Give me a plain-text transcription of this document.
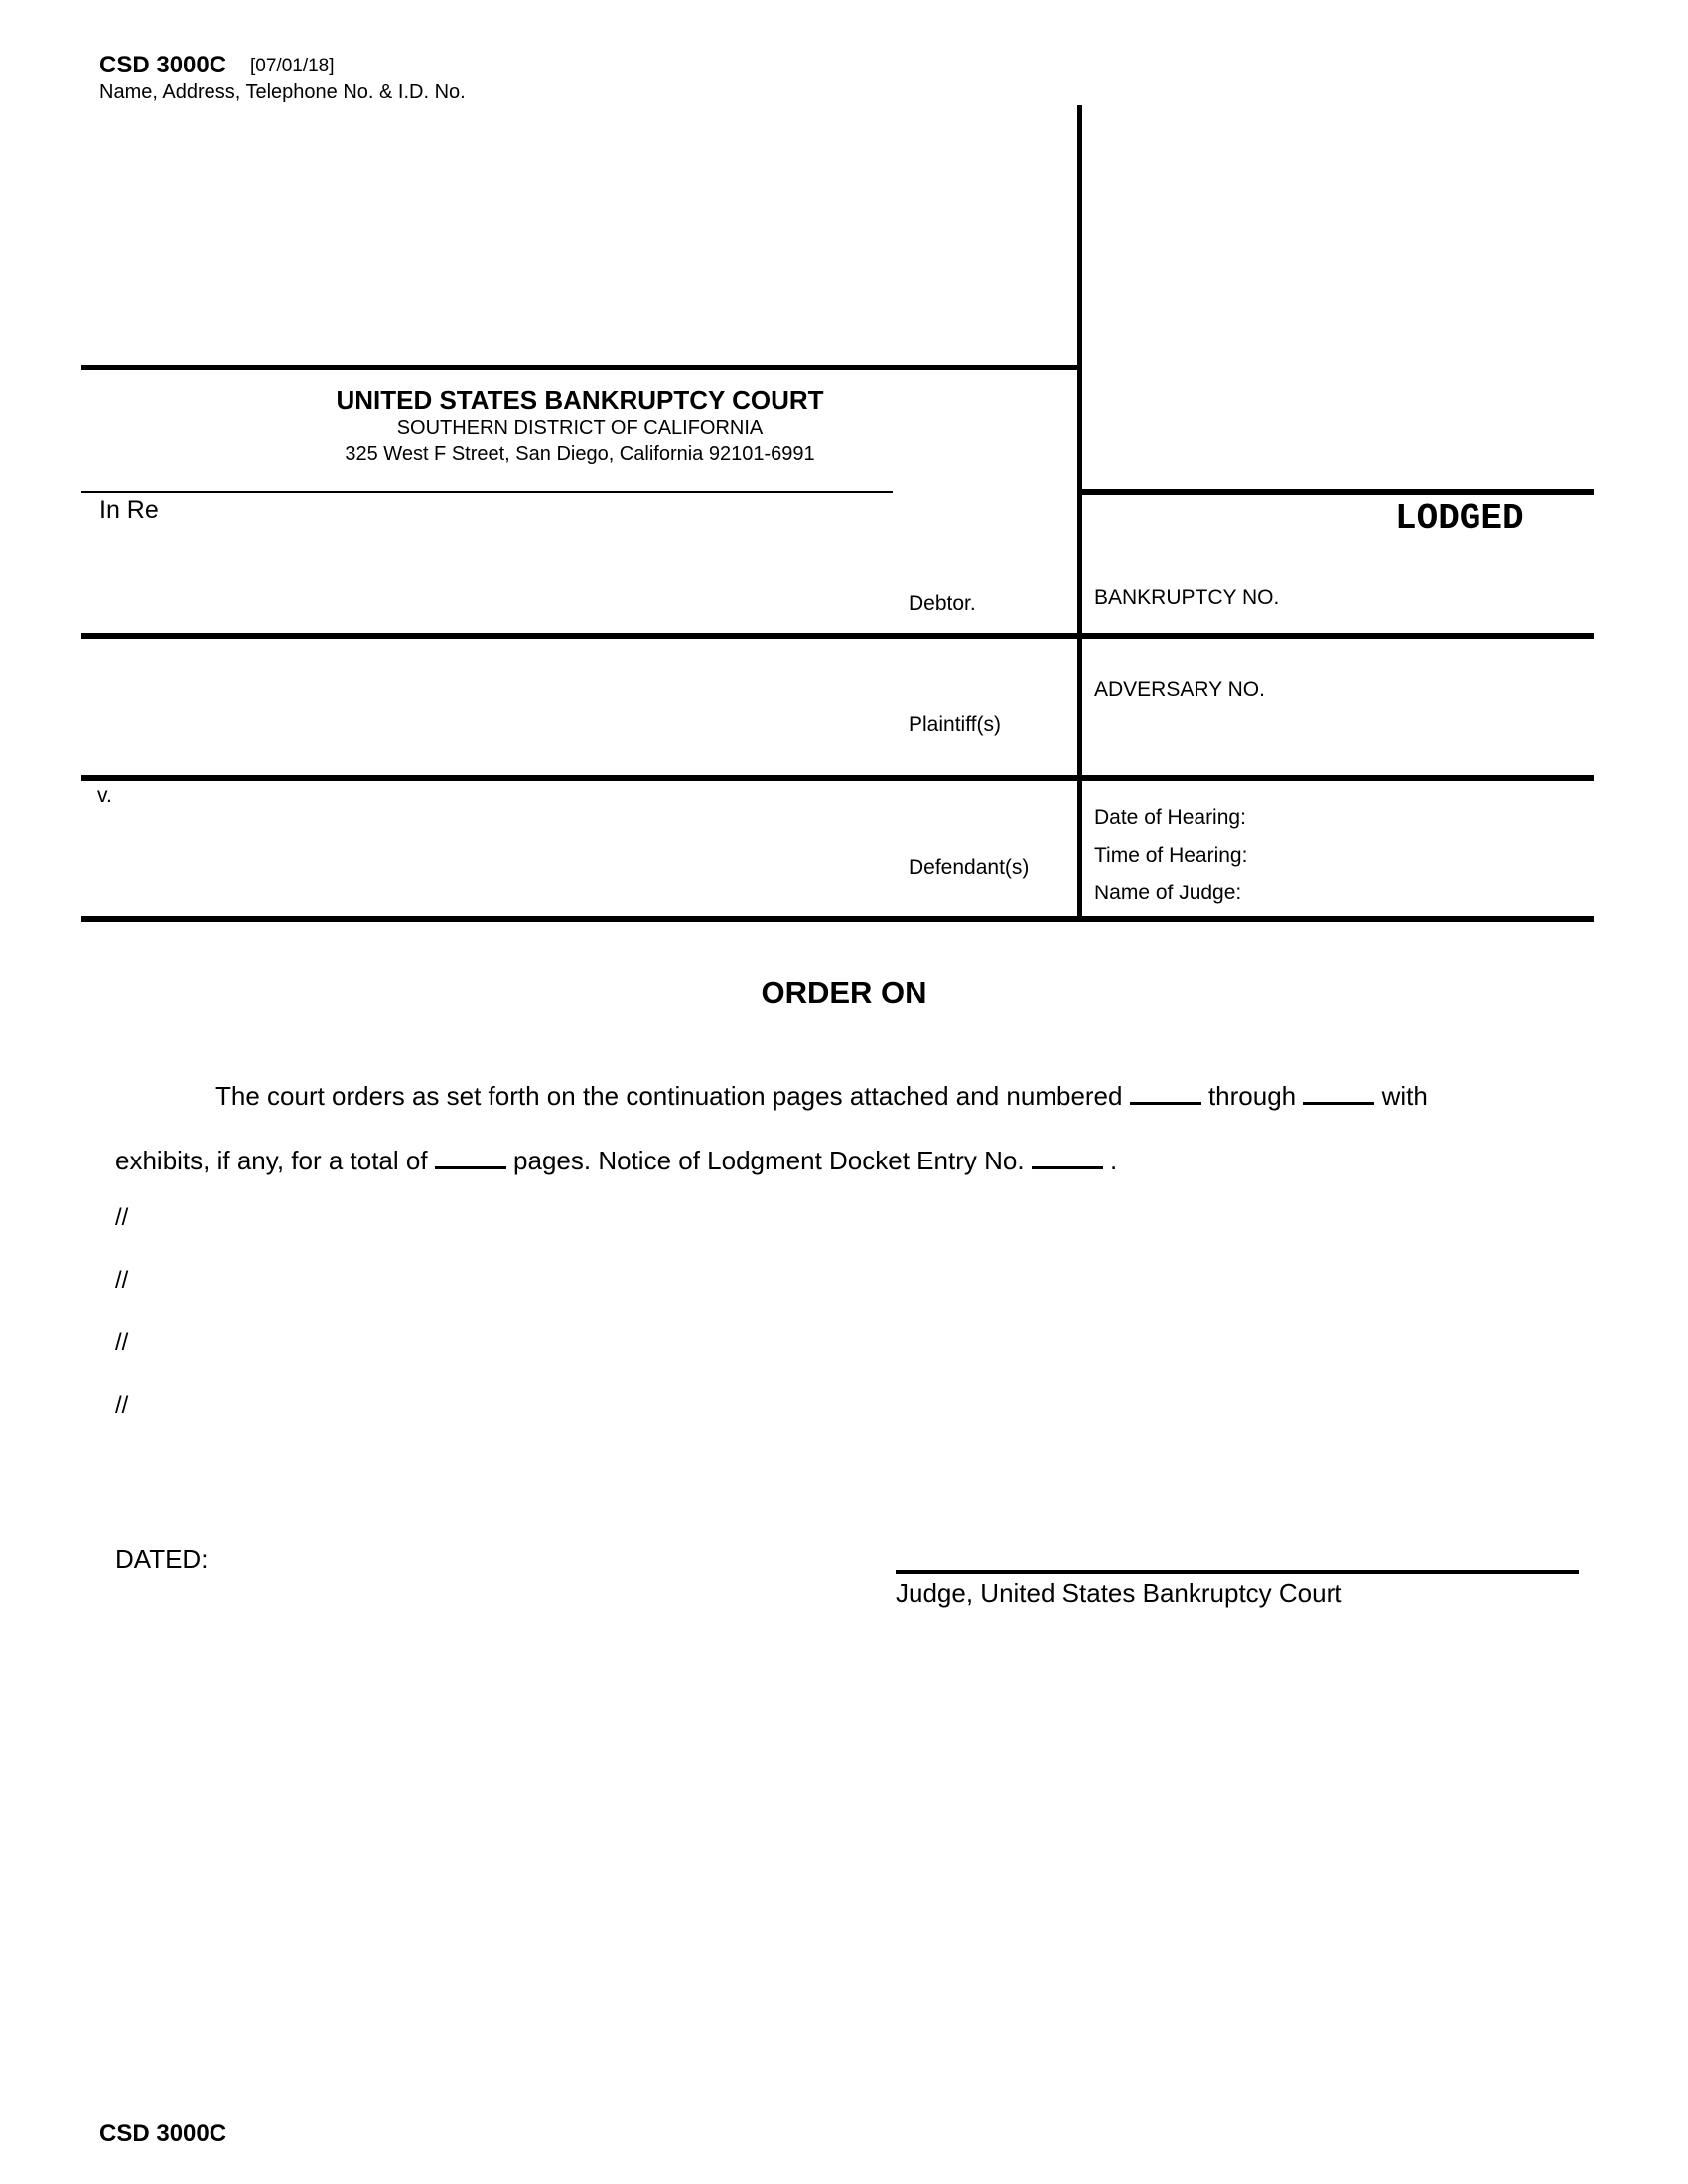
CSD 3000C [07/01/18]
Name, Address, Telephone No. & I.D. No.
UNITED STATES BANKRUPTCY COURT
SOUTHERN DISTRICT OF CALIFORNIA
325 West F Street, San Diego, California 92101-6991
In Re
Debtor.
Plaintiff(s)
v.
Defendant(s)
LODGED
BANKRUPTCY NO.
ADVERSARY NO.
Date of Hearing:
Time of Hearing:
Name of Judge:
ORDER ON
The court orders as set forth on the continuation pages attached and numbered	through	with
exhibits, if any, for a total of	pages. Notice of Lodgment Docket Entry No.	.
//
//
//
//
DATED:
Judge, United States Bankruptcy Court
CSD 3000C
